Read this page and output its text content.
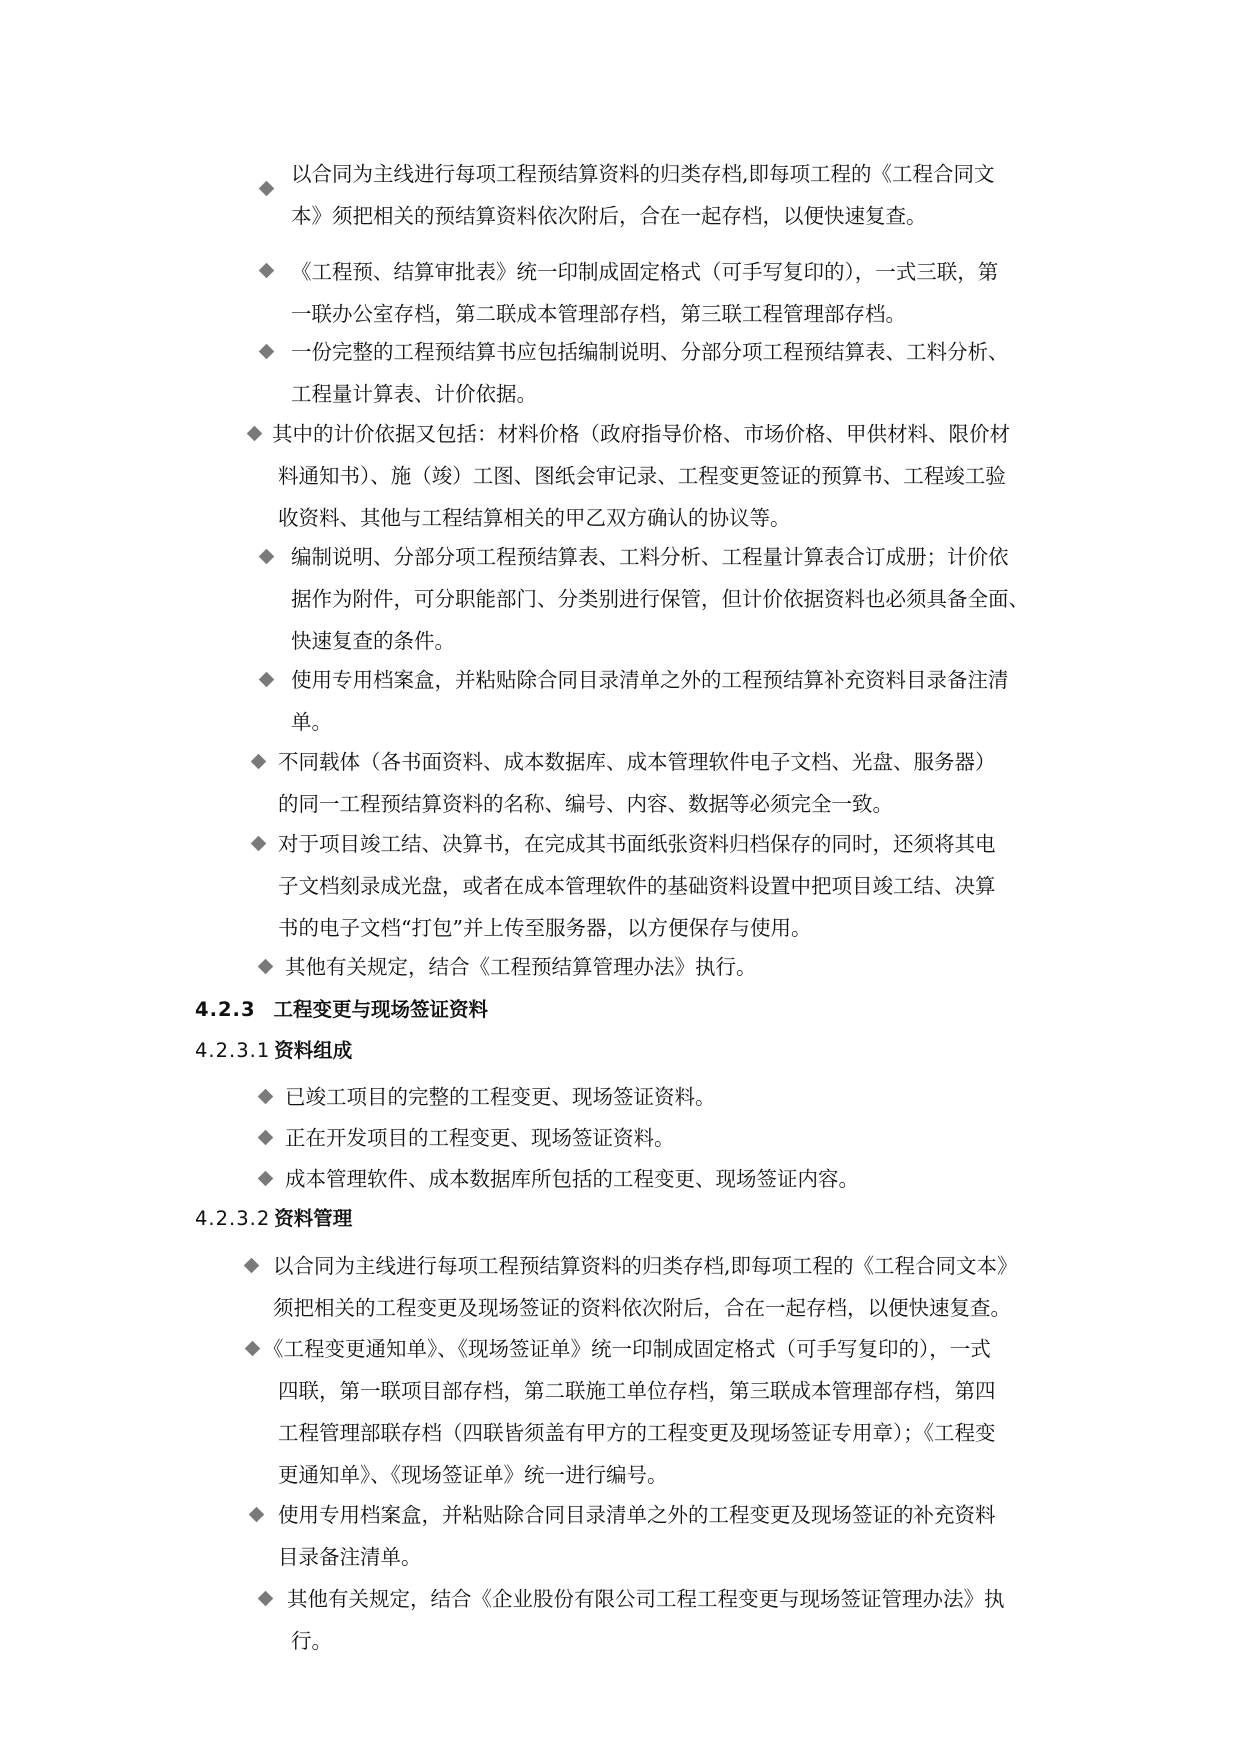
以合同为主线进行每项工程预结算资料的归类存档,即每项工程的《工程合同文
本》须把相关的预结算资料依次附后，合在一起存档，以便快速复查。
《工程预、结算审批表》统一印制成固定格式（可手写复印的），一式三联，第
一联办公室存档，第二联成本管理部存档，第三联工程管理部存档。
一份完整的工程预结算书应包括编制说明、分部分项工程预结算表、工料分析、
工程量计算表、计价依据。
其中的计价依据又包括：材料价格（政府指导价格、市场价格、甲供材料、限价材
料通知书）、施（竣）工图、图纸会审记录、工程变更签证的预算书、工程竣工验
收资料、其他与工程结算相关的甲乙双方确认的协议等。
编制说明、分部分项工程预结算表、工料分析、工程量计算表合订成册；计价依
据作为附件，可分职能部门、分类别进行保管，但计价依据资料也必须具备全面、
快速复查的条件。
使用专用档案盒，并粘贴除合同目录清单之外的工程预结算补充资料目录备注清
单。
不同载体（各书面资料、成本数据库、成本管理软件电子文档、光盘、服务器）
的同一工程预结算资料的名称、编号、内容、数据等必须完全一致。
对于项目竣工结、决算书，在完成其书面纸张资料归档保存的同时，还须将其电
子文档刻录成光盘，或者在成本管理软件的基础资料设置中把项目竣工结、决算
书的电子文档“打包”并上传至服务器，以方便保存与使用。
其他有关规定，结合《工程预结算管理办法》执行。
4.2.3 工程变更与现场签证资料
4.2.3.1 资料组成
已竣工项目的完整的工程变更、现场签证资料。
正在开发项目的工程变更、现场签证资料。
成本管理软件、成本数据库所包括的工程变更、现场签证内容。
4.2.3.2 资料管理
以合同为主线进行每项工程预结算资料的归类存档,即每项工程的《工程合同文本》
须把相关的工程变更及现场签证的资料依次附后，合在一起存档，以便快速复查。
《工程变更通知单》、《现场签证单》统一印制成固定格式（可手写复印的），一式
四联，第一联项目部存档，第二联施工单位存档，第三联成本管理部存档，第四
工程管理部联存档（四联皆须盖有甲方的工程变更及现场签证专用章）；《工程变
更通知单》、《现场签证单》统一进行编号。
使用专用档案盒，并粘贴除合同目录清单之外的工程变更及现场签证的补充资料
目录备注清单。
其他有关规定，结合《企业股份有限公司工程工程变更与现场签证管理办法》执
行。
